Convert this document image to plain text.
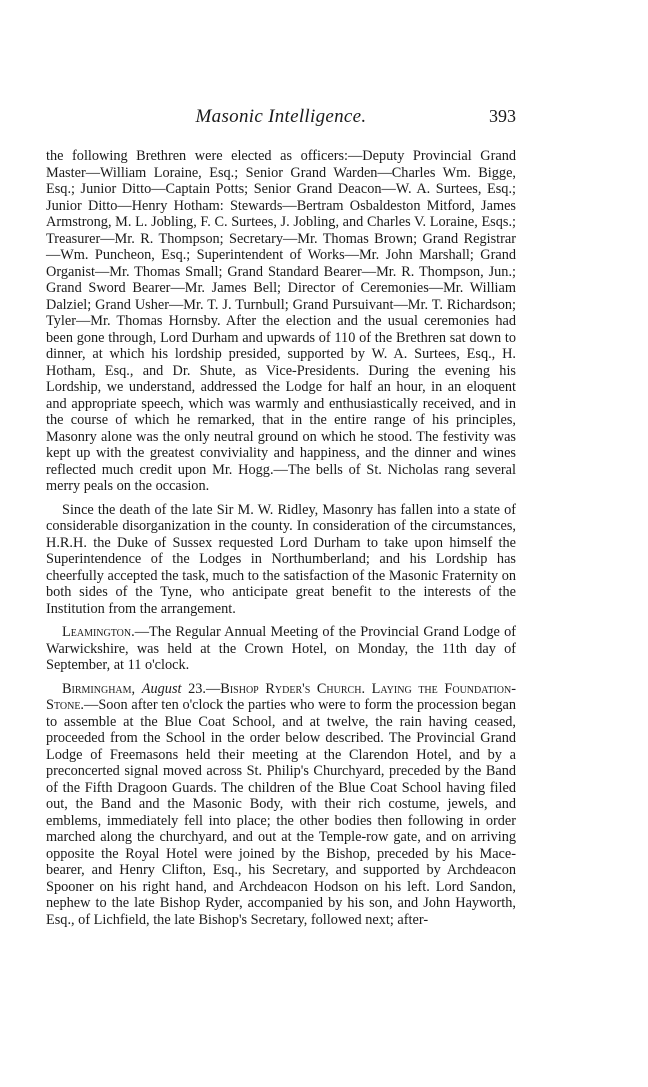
Masonic Intelligence.	393

the following Brethren were elected as officers:—Deputy Provincial Grand Master—William Loraine, Esq.; Senior Grand Warden—Charles Wm. Bigge, Esq.; Junior Ditto—Captain Potts; Senior Grand Deacon—W. A. Surtees, Esq.; Junior Ditto—Henry Hotham: Stewards—Bertram Osbaldeston Mitford, James Armstrong, M. L. Jobling, F. C. Surtees, J. Jobling, and Charles V. Loraine, Esqs.; Treasurer—Mr. R. Thompson; Secretary—Mr. Thomas Brown; Grand Registrar—Wm. Puncheon, Esq.; Superintendent of Works—Mr. John Marshall; Grand Organist—Mr. Thomas Small; Grand Standard Bearer—Mr. R. Thompson, Jun.; Grand Sword Bearer—Mr. James Bell; Director of Ceremonies—Mr. William Dalziel; Grand Usher—Mr. T. J. Turnbull; Grand Pursuivant—Mr. T. Richardson; Tyler—Mr. Thomas Hornsby. After the election and the usual ceremonies had been gone through, Lord Durham and upwards of 110 of the Brethren sat down to dinner, at which his lordship presided, supported by W. A. Surtees, Esq., H. Hotham, Esq., and Dr. Shute, as Vice-Presidents. During the evening his Lordship, we understand, addressed the Lodge for half an hour, in an eloquent and appropriate speech, which was warmly and enthusiastically received, and in the course of which he remarked, that in the entire range of his principles, Masonry alone was the only neutral ground on which he stood. The festivity was kept up with the greatest conviviality and happiness, and the dinner and wines reflected much credit upon Mr. Hogg.—The bells of St. Nicholas rang several merry peals on the occasion.

Since the death of the late Sir M. W. Ridley, Masonry has fallen into a state of considerable disorganization in the county. In consideration of the circumstances, H.R.H. the Duke of Sussex requested Lord Durham to take upon himself the Superintendence of the Lodges in Northumberland; and his Lordship has cheerfully accepted the task, much to the satisfaction of the Masonic Fraternity on both sides of the Tyne, who anticipate great benefit to the interests of the Institution from the arrangement.

Leamington.—The Regular Annual Meeting of the Provincial Grand Lodge of Warwickshire, was held at the Crown Hotel, on Monday, the 11th day of September, at 11 o'clock.

Birmingham, August 23.—Bishop Ryder's Church. Laying the Foundation-Stone.—Soon after ten o'clock the parties who were to form the procession began to assemble at the Blue Coat School, and at twelve, the rain having ceased, proceeded from the School in the order below described. The Provincial Grand Lodge of Freemasons held their meeting at the Clarendon Hotel, and by a preconcerted signal moved across St. Philip's Churchyard, preceded by the Band of the Fifth Dragoon Guards. The children of the Blue Coat School having filed out, the Band and the Masonic Body, with their rich costume, jewels, and emblems, immediately fell into place; the other bodies then following in order marched along the churchyard, and out at the Temple-row gate, and on arriving opposite the Royal Hotel were joined by the Bishop, preceded by his Mace-bearer, and Henry Clifton, Esq., his Secretary, and supported by Archdeacon Spooner on his right hand, and Archdeacon Hodson on his left. Lord Sandon, nephew to the late Bishop Ryder, accompanied by his son, and John Hayworth, Esq., of Lichfield, the late Bishop's Secretary, followed next; after-
